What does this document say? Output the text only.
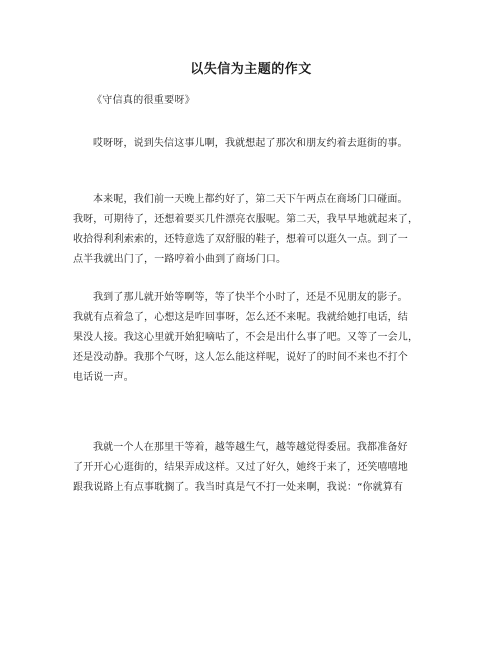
以失信为主题的作文
《守信真的很重要呀》
哎呀呀，说到失信这事儿啊，我就想起了那次和朋友约着去逛街的事。
本来呢，我们前一天晚上都约好了，第二天下午两点在商场门口碰面。
我呀，可期待了，还想着要买几件漂亮衣服呢。第二天，我早早地就起来了，
收拾得利利索索的，还特意选了双舒服的鞋子，想着可以逛久一点。到了一
点半我就出门了，一路哼着小曲到了商场门口。
我到了那儿就开始等啊等，等了快半个小时了，还是不见朋友的影子。
我就有点着急了，心想这是咋回事呀，怎么还不来呢。我就给她打电话，结
果没人接。我这心里就开始犯嘀咕了，不会是出什么事了吧。又等了一会儿，
还是没动静。我那个气呀，这人怎么能这样呢，说好了的时间不来也不打个
电话说一声。
我就一个人在那里干等着，越等越生气，越等越觉得委屈。我都准备好
了开开心心逛街的，结果弄成这样。又过了好久，她终于来了，还笑嘻嘻地
跟我说路上有点事耽搁了。我当时真是气不打一处来啊，我说：“你就算有
